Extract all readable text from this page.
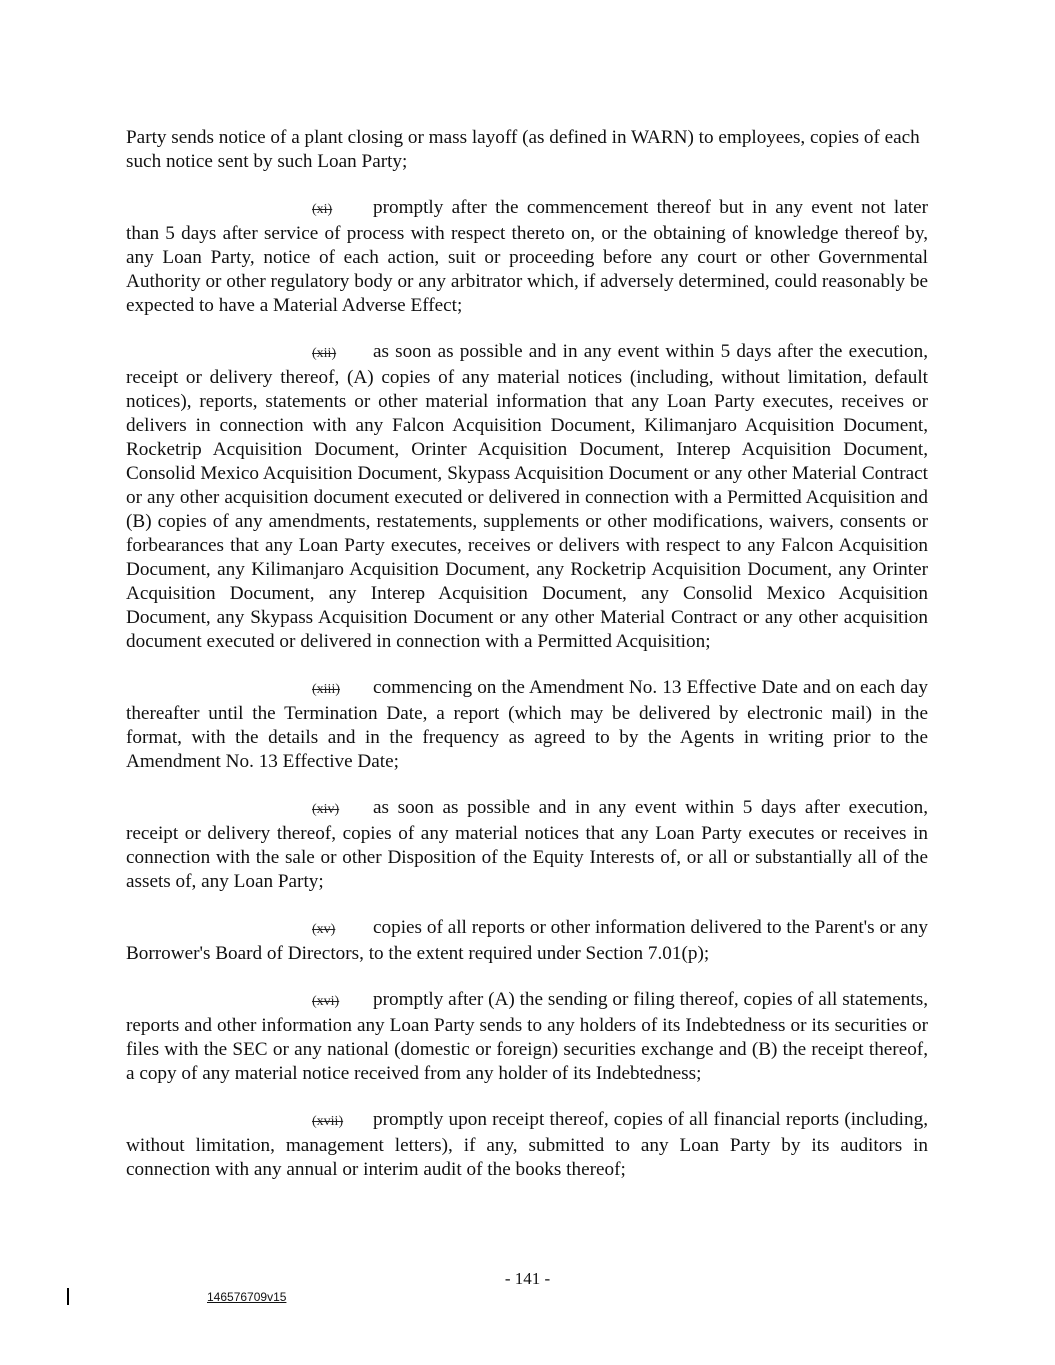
Party sends notice of a plant closing or mass layoff (as defined in WARN) to employees, copies of each such notice sent by such Loan Party;

(xi) promptly after the commencement thereof but in any event not later than 5 days after service of process with respect thereto on, or the obtaining of knowledge thereof by, any Loan Party, notice of each action, suit or proceeding before any court or other Governmental Authority or other regulatory body or any arbitrator which, if adversely determined, could reasonably be expected to have a Material Adverse Effect;

(xii) as soon as possible and in any event within 5 days after the execution, receipt or delivery thereof, (A) copies of any material notices (including, without limitation, default notices), reports, statements or other material information that any Loan Party executes, receives or delivers in connection with any Falcon Acquisition Document, Kilimanjaro Acquisition Document, Rocketrip Acquisition Document, Orinter Acquisition Document, Interep Acquisition Document, Consolid Mexico Acquisition Document, Skypass Acquisition Document or any other Material Contract or any other acquisition document executed or delivered in connection with a Permitted Acquisition and (B) copies of any amendments, restatements, supplements or other modifications, waivers, consents or forbearances that any Loan Party executes, receives or delivers with respect to any Falcon Acquisition Document, any Kilimanjaro Acquisition Document, any Rocketrip Acquisition Document, any Orinter Acquisition Document, any Interep Acquisition Document, any Consolid Mexico Acquisition Document, any Skypass Acquisition Document or any other Material Contract or any other acquisition document executed or delivered in connection with a Permitted Acquisition;

(xiii) commencing on the Amendment No. 13 Effective Date and on each day thereafter until the Termination Date, a report (which may be delivered by electronic mail) in the format, with the details and in the frequency as agreed to by the Agents in writing prior to the Amendment No. 13 Effective Date;

(xiv) as soon as possible and in any event within 5 days after execution, receipt or delivery thereof, copies of any material notices that any Loan Party executes or receives in connection with the sale or other Disposition of the Equity Interests of, or all or substantially all of the assets of, any Loan Party;

(xv) copies of all reports or other information delivered to the Parent's or any Borrower's Board of Directors, to the extent required under Section 7.01(p);

(xvi) promptly after (A) the sending or filing thereof, copies of all statements, reports and other information any Loan Party sends to any holders of its Indebtedness or its securities or files with the SEC or any national (domestic or foreign) securities exchange and (B) the receipt thereof, a copy of any material notice received from any holder of its Indebtedness;

(xvii) promptly upon receipt thereof, copies of all financial reports (including, without limitation, management letters), if any, submitted to any Loan Party by its auditors in connection with any annual or interim audit of the books thereof;

- 141 -
146576709v15
